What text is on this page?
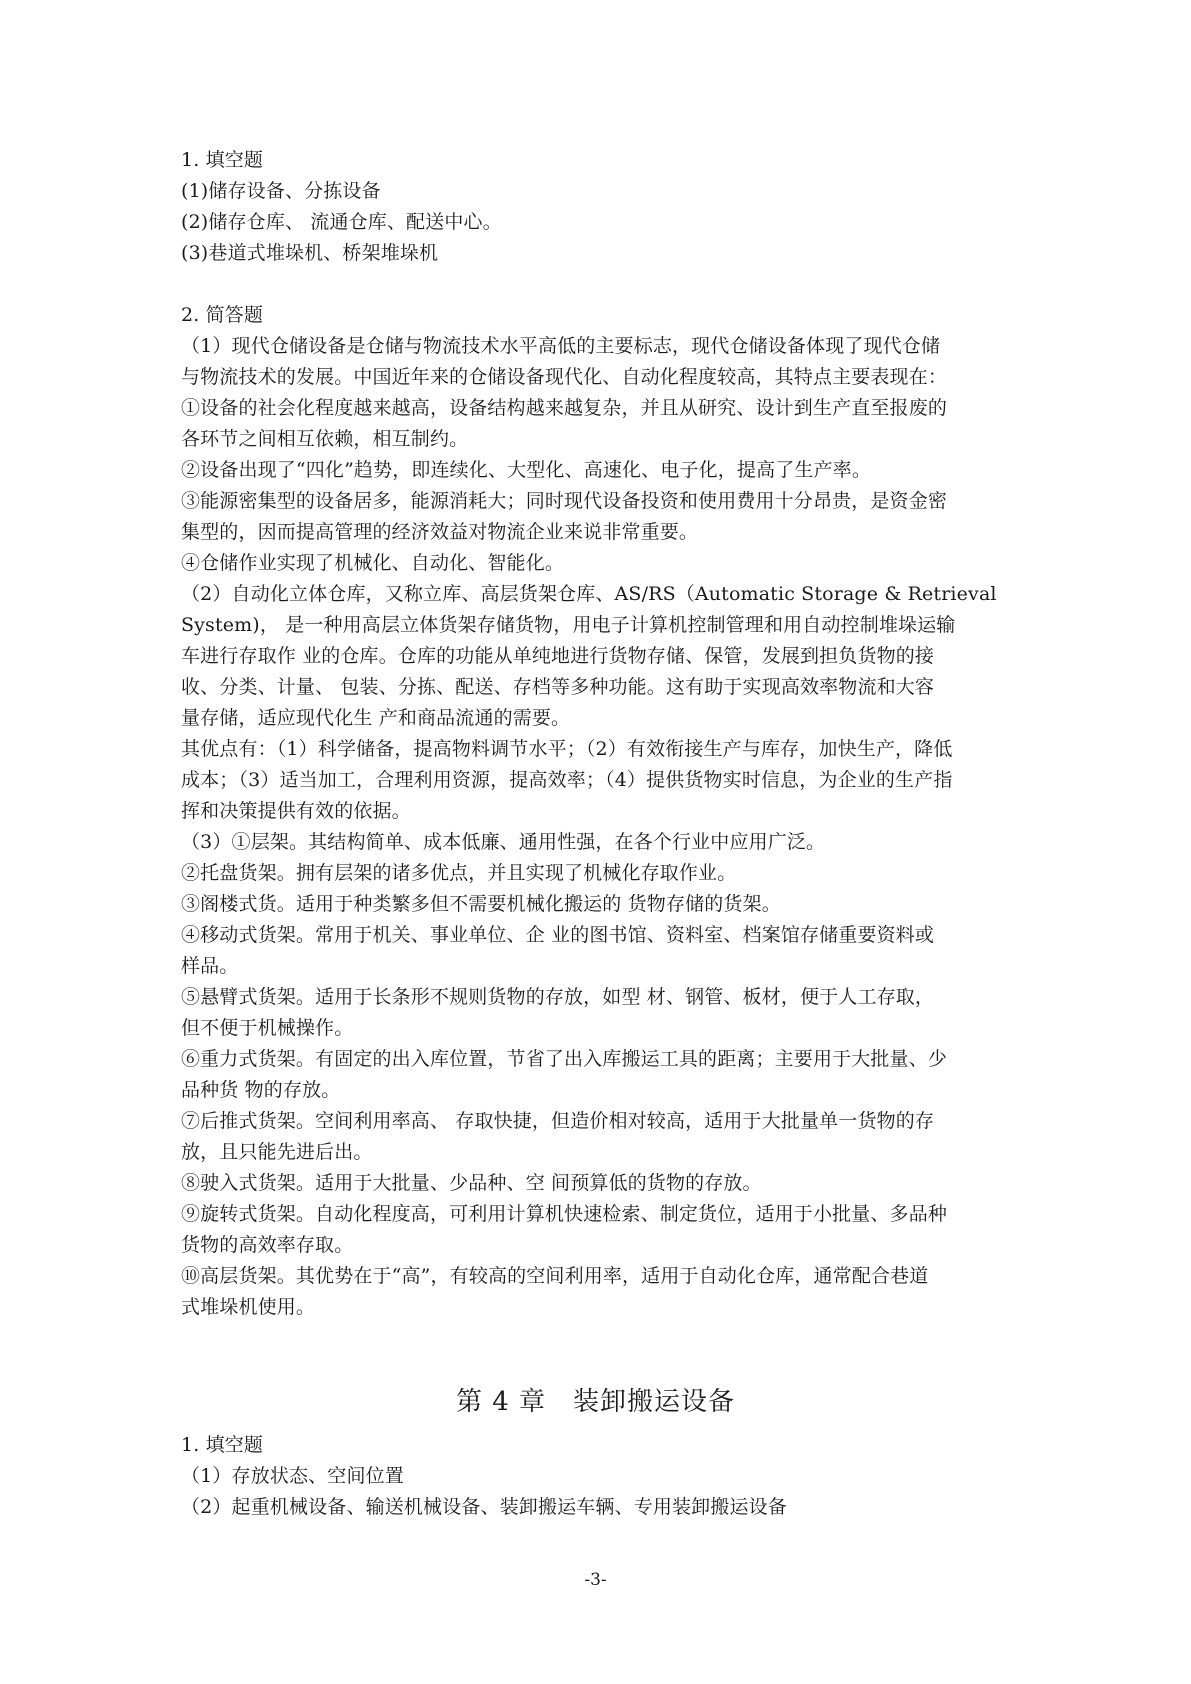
1. 填空题
(1)储存设备、分拣设备
(2)储存仓库、 流通仓库、配送中心。
(3)巷道式堆垛机、桥架堆垛机
2. 简答题
（1）现代仓储设备是仓储与物流技术水平高低的主要标志，现代仓储设备体现了现代仓储
与物流技术的发展。中国近年来的仓储设备现代化、自动化程度较高，其特点主要表现在：
①设备的社会化程度越来越高，设备结构越来越复杂，并且从研究、设计到生产直至报废的
各环节之间相互依赖，相互制约。
②设备出现了“四化”趋势，即连续化、大型化、高速化、电子化，提高了生产率。
③能源密集型的设备居多，能源消耗大；同时现代设备投资和使用费用十分昂贵，是资金密
集型的，因而提高管理的经济效益对物流企业来说非常重要。
④仓储作业实现了机械化、自动化、智能化。
（2）自动化立体仓库，又称立库、高层货架仓库、AS/RS（Automatic Storage & Retrieval
System)， 是一种用高层立体货架存储货物，用电子计算机控制管理和用自动控制堆垛运输
车进行存取作 业的仓库。仓库的功能从单纯地进行货物存储、保管，发展到担负货物的接
收、分类、计量、 包装、分拣、配送、存档等多种功能。这有助于实现高效率物流和大容
量存储，适应现代化生 产和商品流通的需要。
其优点有：（1）科学储备，提高物料调节水平；（2）有效衔接生产与库存，加快生产，降低
成本；（3）适当加工，合理利用资源，提高效率；（4）提供货物实时信息，为企业的生产指
挥和决策提供有效的依据。
（3）①层架。其结构简单、成本低廉、通用性强，在各个行业中应用广泛。
②托盘货架。拥有层架的诸多优点，并且实现了机械化存取作业。
③阁楼式货。适用于种类繁多但不需要机械化搬运的 货物存储的货架。
④移动式货架。常用于机关、事业单位、企 业的图书馆、资料室、档案馆存储重要资料或
样品。
⑤悬臂式货架。适用于长条形不规则货物的存放，如型 材、钢管、板材，便于人工存取，
但不便于机械操作。
⑥重力式货架。有固定的出入库位置，节省了出入库搬运工具的距离；主要用于大批量、少
品种货 物的存放。
⑦后推式货架。空间利用率高、 存取快捷，但造价相对较高，适用于大批量单一货物的存
放，且只能先进后出。
⑧驶入式货架。适用于大批量、少品种、空 间预算低的货物的存放。
⑨旋转式货架。自动化程度高，可利用计算机快速检索、制定货位，适用于小批量、多品种
货物的高效率存取。
⑩高层货架。其优势在于“高”，有较高的空间利用率，适用于自动化仓库，通常配合巷道
式堆垛机使用。
第 4 章　装卸搬运设备
1. 填空题
（1）存放状态、空间位置
（2）起重机械设备、输送机械设备、装卸搬运车辆、专用装卸搬运设备
-3-
